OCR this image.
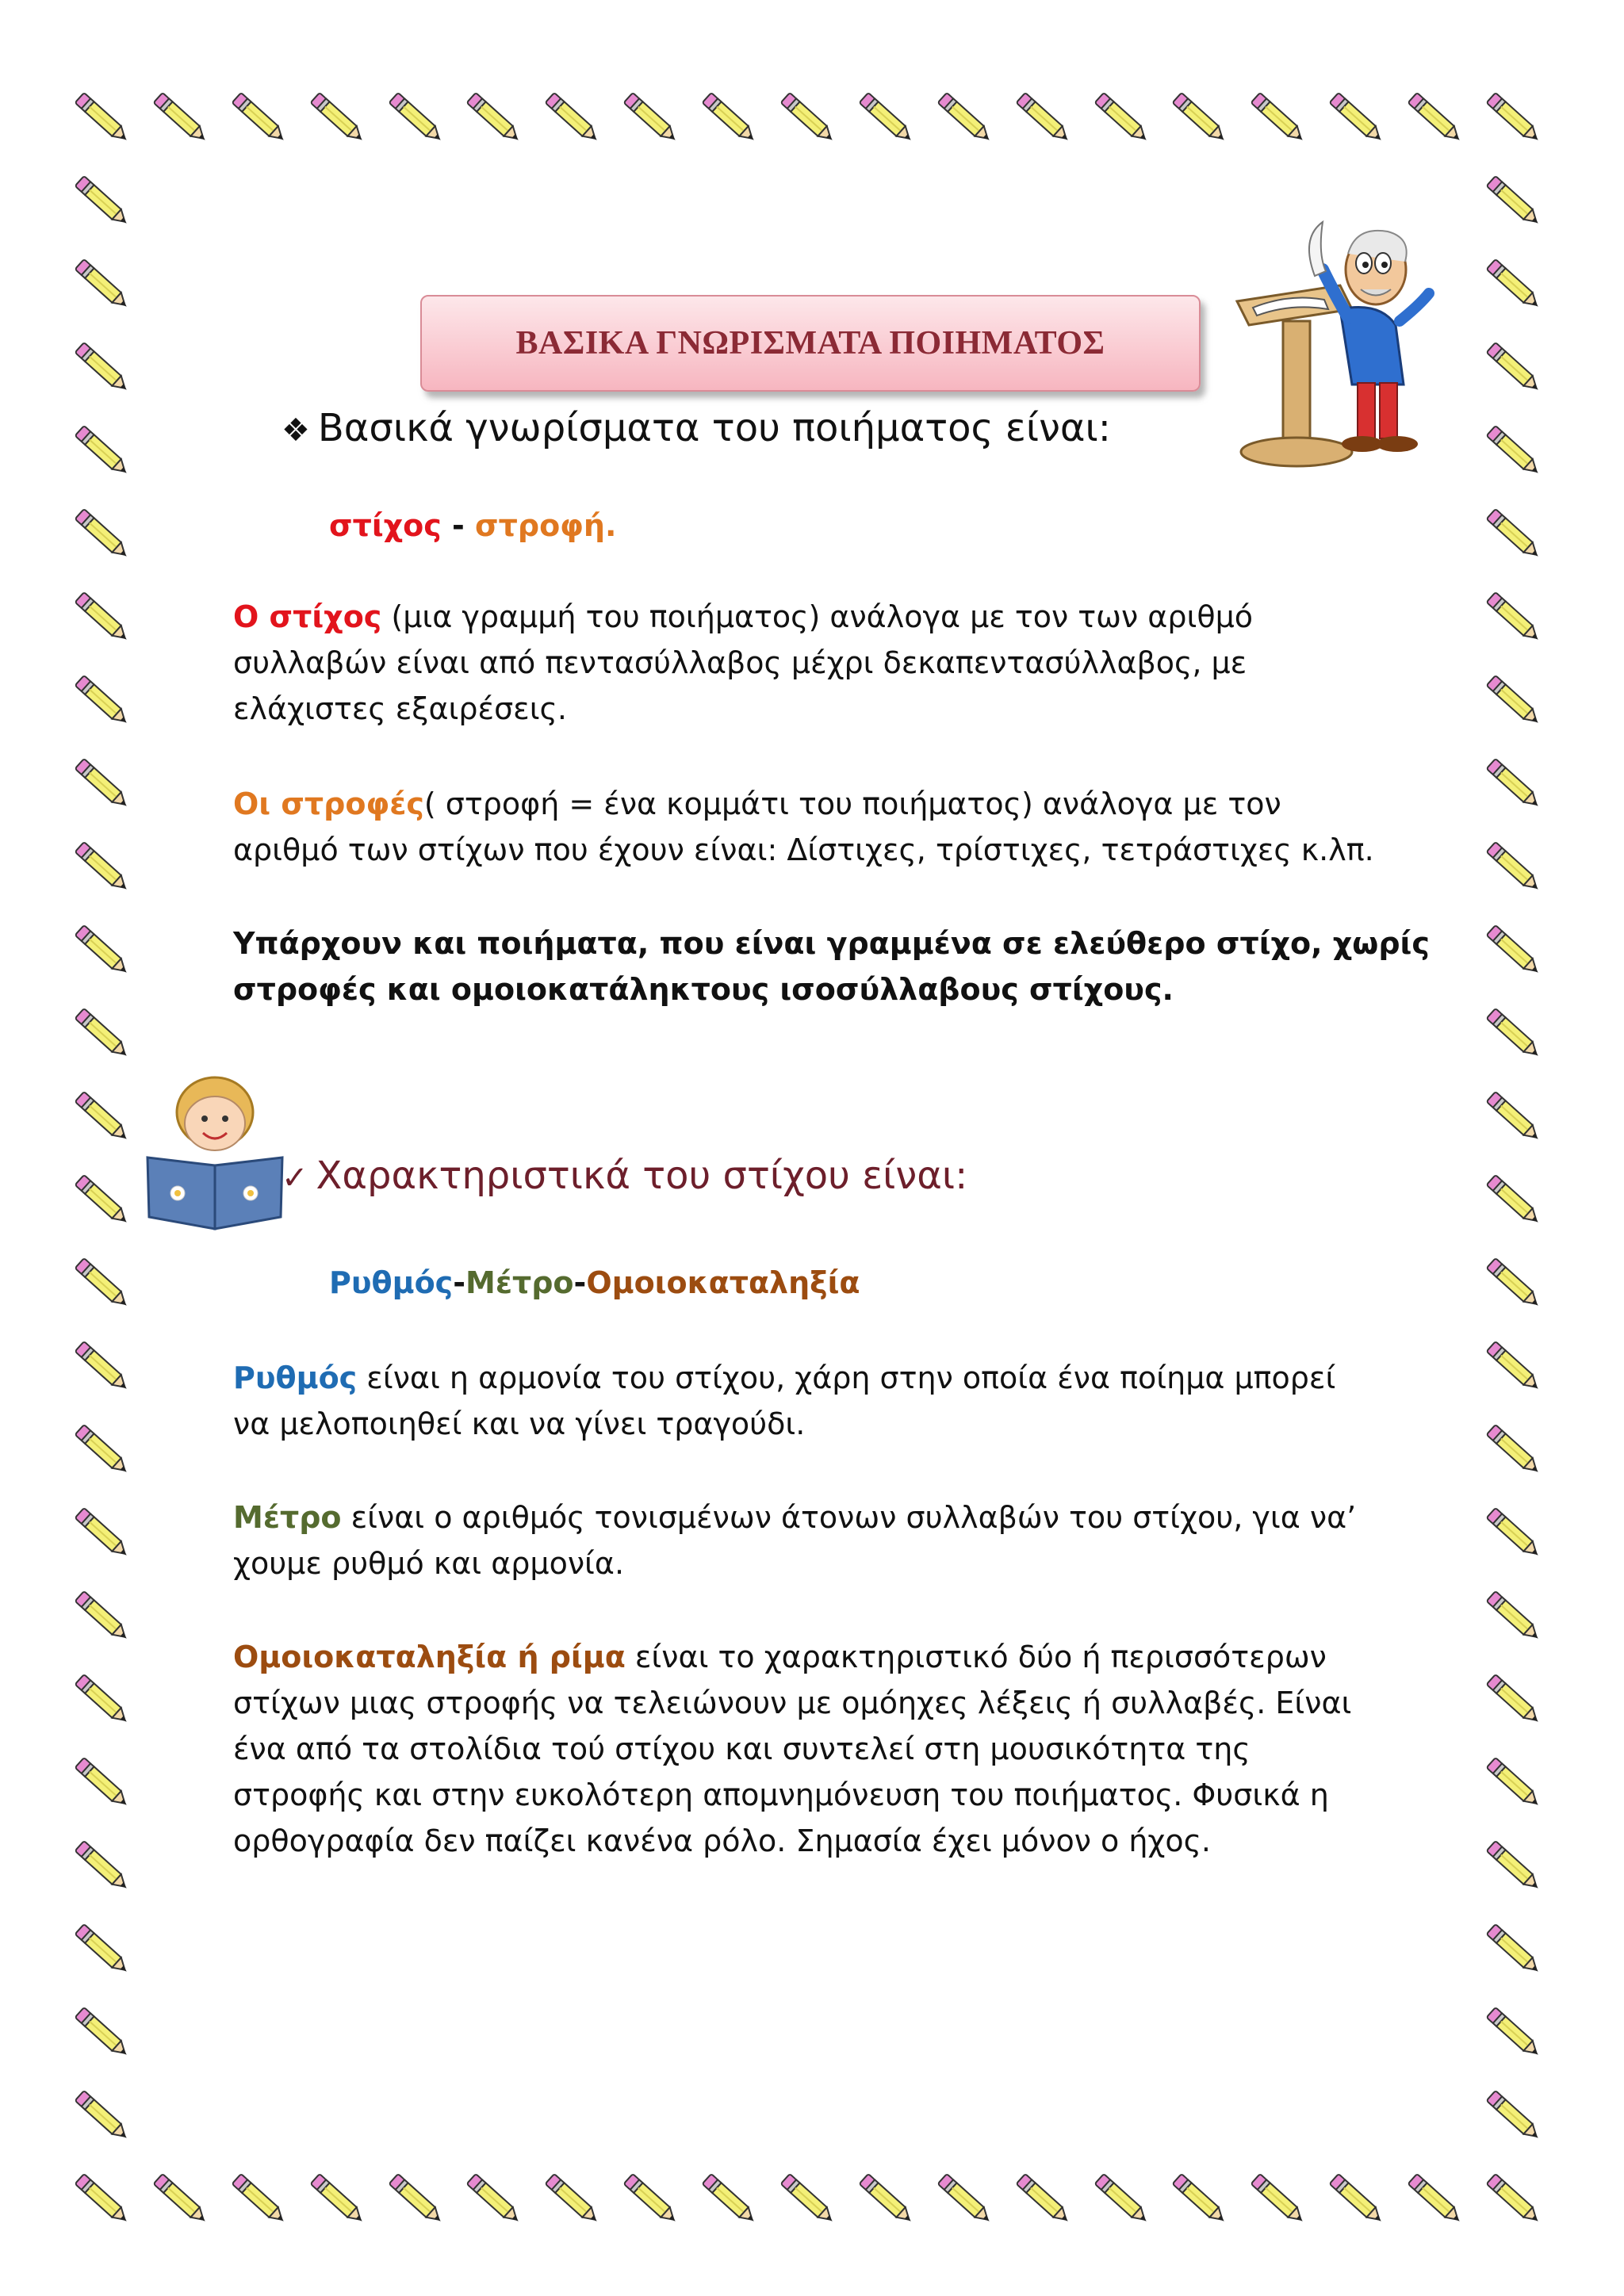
ΒΑΣΙΚΑ ΓΝΩΡΙΣΜΑΤΑ ΠΟΙΗΜΑΤΟΣ
❖ Βασικά γνωρίσματα του ποιήματος είναι:
στίχος - στροφή.
Ο στίχος (μια γραμμή του ποιήματος) ανάλογα με τον των αριθμό
συλλαβών είναι από πεντασύλλαβος μέχρι δεκαπεντασύλλαβος, με
ελάχιστες εξαιρέσεις.
Οι στροφές( στροφή = ένα κομμάτι του ποιήματος) ανάλογα με τον
αριθμό των στίχων που έχουν είναι: Δίστιχες, τρίστιχες, τετράστιχες κ.λπ.
Υπάρχουν και ποιήματα, που είναι γραμμένα σε ελεύθερο στίχο, χωρίς
στροφές και ομοιοκατάληκτους ισοσύλλαβους στίχους.
✓ Χαρακτηριστικά του στίχου είναι:
Ρυθμός-Μέτρο-Ομοιοκαταληξία
Ρυθμός είναι η αρμονία του στίχου, χάρη στην οποία ένα ποίημα μπορεί
να μελοποιηθεί και να γίνει τραγούδι.
Μέτρο είναι ο αριθμός τονισμένων άτονων συλλαβών του στίχου, για να’
χουμε ρυθμό και αρμονία.
Ομοιοκαταληξία ή ρίμα είναι το χαρακτηριστικό δύο ή περισσότερων
στίχων μιας στροφής να τελειώνουν με ομόηχες λέξεις ή συλλαβές. Είναι
ένα από τα στολίδια τού στίχου και συντελεί στη μουσικότητα της
στροφής και στην ευκολότερη απομνημόνευση του ποιήματος. Φυσικά η
ορθογραφία δεν παίζει κανένα ρόλο. Σημασία έχει μόνον ο ήχος.
